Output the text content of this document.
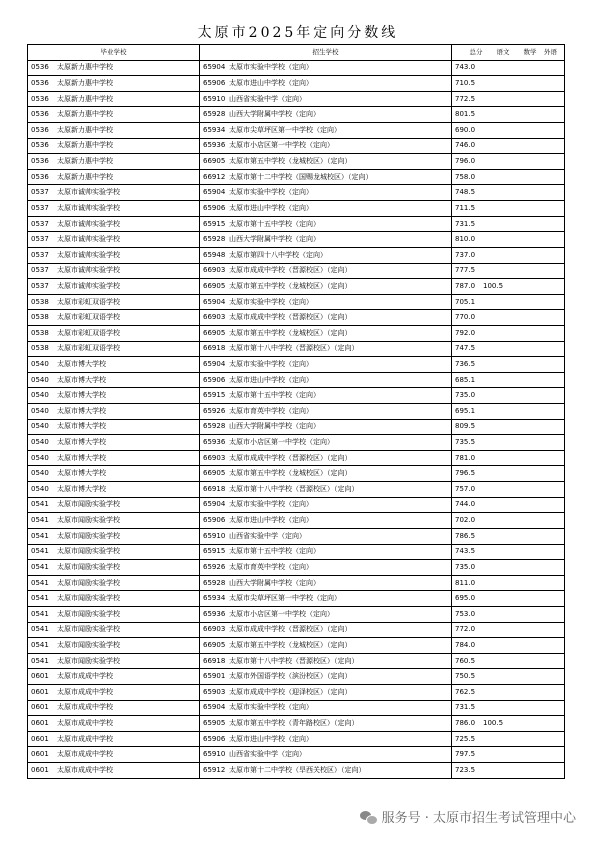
太原市2025年定向分数线
毕业学校	招生学校	总分 语文 数学 外语
0536 太原新力惠中学校	65904 太原市实验中学校（定向）	743.0
0536 太原新力惠中学校	65906 太原市进山中学校（定向）	710.5
0536 太原新力惠中学校	65910 山西省实验中学（定向）	772.5
0536 太原新力惠中学校	65928 山西大学附属中学校（定向）	801.5
0536 太原新力惠中学校	65934 太原市尖草坪区第一中学校（定向）	690.0
0536 太原新力惠中学校	65936 太原市小店区第一中学校（定向）	746.0
0536 太原新力惠中学校	66905 太原市第五中学校（龙城校区）（定向）	796.0
0536 太原新力惠中学校	66912 太原市第十二中学校（国赐龙城校区）（定向）	758.0
0537 太原市诚帅实验学校	65904 太原市实验中学校（定向）	748.5
0537 太原市诚帅实验学校	65906 太原市进山中学校（定向）	711.5
0537 太原市诚帅实验学校	65915 太原市第十五中学校（定向）	731.5
0537 太原市诚帅实验学校	65928 山西大学附属中学校（定向）	810.0
0537 太原市诚帅实验学校	65948 太原市第四十八中学校（定向）	737.0
0537 太原市诚帅实验学校	66903 太原市成成中学校（晋源校区）（定向）	777.5
0537 太原市诚帅实验学校	66905 太原市第五中学校（龙城校区）（定向）	787.0 100.5
0538 太原市彩虹双语学校	65904 太原市实验中学校（定向）	705.1
0538 太原市彩虹双语学校	66903 太原市成成中学校（晋源校区）（定向）	770.0
0538 太原市彩虹双语学校	66905 太原市第五中学校（龙城校区）（定向）	792.0
0538 太原市彩虹双语学校	66918 太原市第十八中学校（晋源校区）（定向）	747.5
0540 太原市博大学校	65904 太原市实验中学校（定向）	736.5
0540 太原市博大学校	65906 太原市进山中学校（定向）	685.1
0540 太原市博大学校	65915 太原市第十五中学校（定向）	735.0
0540 太原市博大学校	65926 太原市育英中学校（定向）	695.1
0540 太原市博大学校	65928 山西大学附属中学校（定向）	809.5
0540 太原市博大学校	65936 太原市小店区第一中学校（定向）	735.5
0540 太原市博大学校	66903 太原市成成中学校（晋源校区）（定向）	781.0
0540 太原市博大学校	66905 太原市第五中学校（龙城校区）（定向）	796.5
0540 太原市博大学校	66918 太原市第十八中学校（晋源校区）（定向）	757.0
0541 太原市闻励实验学校	65904 太原市实验中学校（定向）	744.0
0541 太原市闻励实验学校	65906 太原市进山中学校（定向）	702.0
0541 太原市闻励实验学校	65910 山西省实验中学（定向）	786.5
0541 太原市闻励实验学校	65915 太原市第十五中学校（定向）	743.5
0541 太原市闻励实验学校	65926 太原市育英中学校（定向）	735.0
0541 太原市闻励实验学校	65928 山西大学附属中学校（定向）	811.0
0541 太原市闻励实验学校	65934 太原市尖草坪区第一中学校（定向）	695.0
0541 太原市闻励实验学校	65936 太原市小店区第一中学校（定向）	753.0
0541 太原市闻励实验学校	66903 太原市成成中学校（晋源校区）（定向）	772.0
0541 太原市闻励实验学校	66905 太原市第五中学校（龙城校区）（定向）	784.0
0541 太原市闻励实验学校	66918 太原市第十八中学校（晋源校区）（定向）	760.5
0601 太原市成成中学校	65901 太原市外国语学校（滨汾校区）（定向）	750.5
0601 太原市成成中学校	65903 太原市成成中学校（迎泽校区）（定向）	762.5
0601 太原市成成中学校	65904 太原市实验中学校（定向）	731.5
0601 太原市成成中学校	65905 太原市第五中学校（青年路校区）（定向）	786.0 100.5
0601 太原市成成中学校	65906 太原市进山中学校（定向）	725.5
0601 太原市成成中学校	65910 山西省实验中学（定向）	797.5
0601 太原市成成中学校	65912 太原市第十二中学校（旱西关校区）（定向）	723.5
服务号 · 太原市招生考试管理中心
